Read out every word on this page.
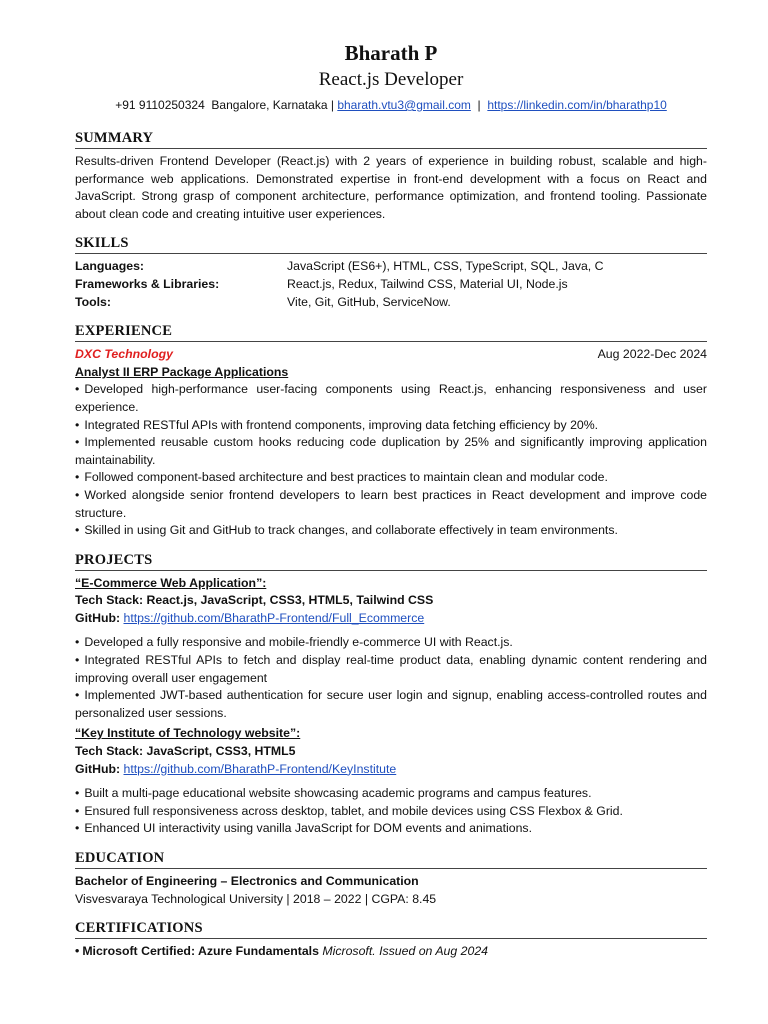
Bharath P
React.js Developer
+91 9110250324 Bangalore, Karnataka | bharath.vtu3@gmail.com  |  https://linkedin.com/in/bharathp10
SUMMARY

Results-driven Frontend Developer (React.js) with 2 years of experience in building robust, scalable and high-performance web applications. Demonstrated expertise in front-end development with a focus on React and JavaScript. Strong grasp of component architecture, performance optimization, and frontend tooling. Passionate about clean code and creating intuitive user experiences.

SKILLS
Languages:	JavaScript (ES6+), HTML, CSS, TypeScript, SQL, Java, C
Frameworks & Libraries:	React.js, Redux, Tailwind CSS, Material UI, Node.js
Tools:	Vite, Git, GitHub, ServiceNow.
EXPERIENCE
DXC Technology	Aug 2022-Dec 2024
Analyst II ERP Package Applications
• Developed high-performance user-facing components using React.js, enhancing responsiveness and user experience.
• Integrated RESTful APIs with frontend components, improving data fetching efficiency by 20%.
• Implemented reusable custom hooks reducing code duplication by 25% and significantly improving application maintainability.
• Followed component-based architecture and best practices to maintain clean and modular code.
• Worked alongside senior frontend developers to learn best practices in React development and improve code structure.
• Skilled in using Git and GitHub to track changes, and collaborate effectively in team environments.
PROJECTS
“E-Commerce Web Application”:
Tech Stack: React.js, JavaScript, CSS3, HTML5, Tailwind CSS
GitHub: https://github.com/BharathP-Frontend/Full_Ecommerce
• Developed a fully responsive and mobile-friendly e-commerce UI with React.js.
• Integrated RESTful APIs to fetch and display real-time product data, enabling dynamic content rendering and improving overall user engagement
• Implemented JWT-based authentication for secure user login and signup, enabling access-controlled routes and personalized user sessions.
“Key Institute of Technology website”:
Tech Stack: JavaScript, CSS3, HTML5
GitHub: https://github.com/BharathP-Frontend/KeyInstitute
• Built a multi-page educational website showcasing academic programs and campus features.
• Ensured full responsiveness across desktop, tablet, and mobile devices using CSS Flexbox & Grid.
• Enhanced UI interactivity using vanilla JavaScript for DOM events and animations.
EDUCATION
Bachelor of Engineering – Electronics and Communication
Visvesvaraya Technological University | 2018 – 2022 | CGPA: 8.45
CERTIFICATIONS
• Microsoft Certified: Azure Fundamentals Microsoft. Issued on Aug 2024
